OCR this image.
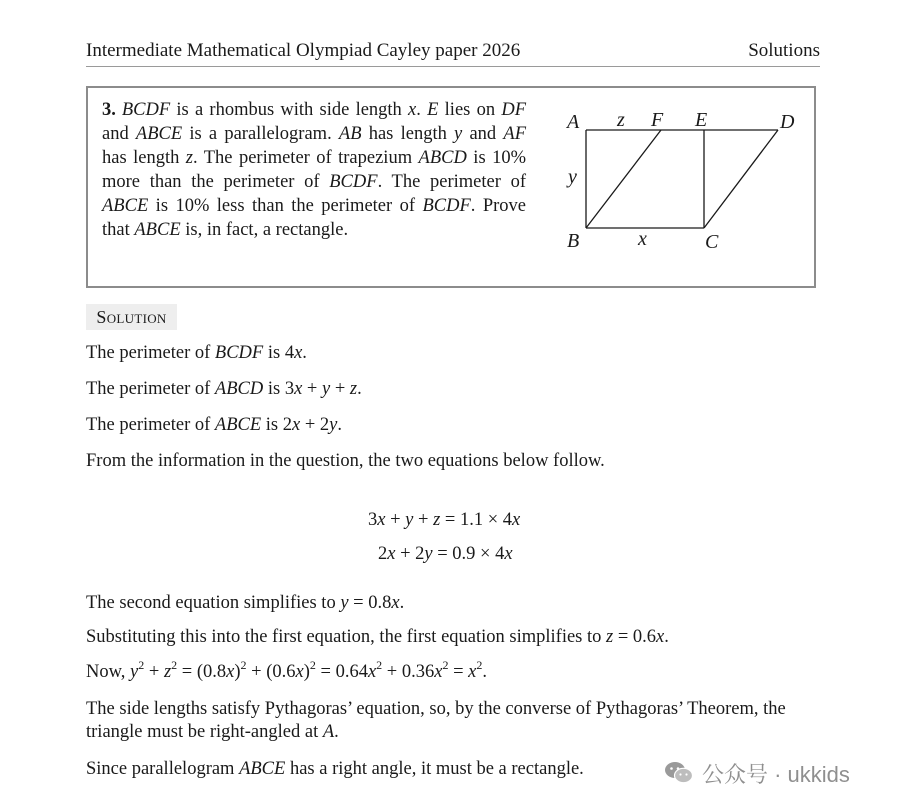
Intermediate Mathematical Olympiad Cayley paper 2026	Solutions
3. BCDF is a rhombus with side length x. E lies on DF and ABCE is a parallelogram. AB has length y and AF has length z. The perimeter of trapezium ABCD is 10% more than the perimeter of BCDF. The perimeter of ABCE is 10% less than the perimeter of BCDF. Prove that ABCE is, in fact, a rectangle.
A
B	C
D
E
F
x
y
z
Solution
The perimeter of BCDF is 4x.
The perimeter of ABCD is 3x + y + z.
The perimeter of ABCE is 2x + 2y.
From the information in the question, the two equations below follow.
3x + y + z = 1.1 × 4x
2x + 2y = 0.9 × 4x
The second equation simplifies to y = 0.8x.
Substituting this into the first equation, the first equation simplifies to z = 0.6x.
Now, $y^2 + z^2 = (0.8x)^2 + (0.6x)^2 = 0.64x^2 + 0.36x^2 = x^2$.
The side lengths satisfy Pythagoras’ equation, so, by the converse of Pythagoras’ Theorem, the
triangle must be right-angled at A.
Since parallelogram ABCE has a right angle, it must be a rectangle.	公众号 · ukkids
